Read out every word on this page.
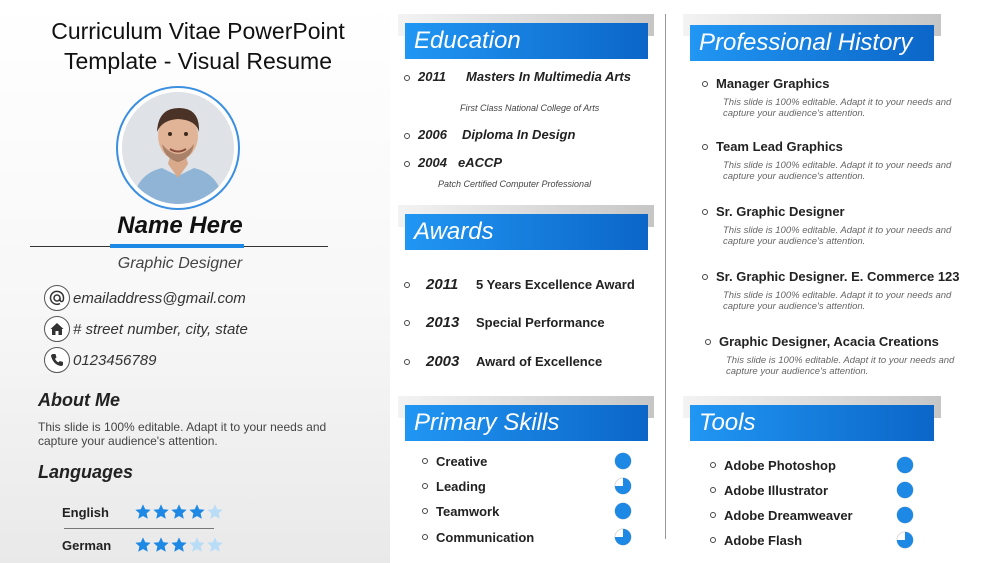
Curriculum Vitae PowerPoint Template - Visual Resume
Name Here
Graphic Designer
emailaddress@gmail.com
# street number, city, state
0123456789
About Me
This slide is 100% editable. Adapt it to your needs and capture your audience's attention.
Languages
English
German
Education
2011	Masters In Multimedia Arts
First Class National College of Arts
2006	Diploma In Design
2004 eACCP
Patch Certified Computer Professional
Awards
2011	5 Years Excellence Award
2013	Special Performance
2003	Award of Excellence
Primary Skills
Creative
Leading
Teamwork
Communication
Professional History
Manager Graphics
This slide is 100% editable. Adapt it to your needs and capture your audience's attention.
Team Lead Graphics
This slide is 100% editable. Adapt it to your needs and capture your audience's attention.
Sr. Graphic Designer
This slide is 100% editable. Adapt it to your needs and capture your audience's attention.
Sr. Graphic Designer. E. Commerce 123
This slide is 100% editable. Adapt it to your needs and capture your audience's attention.
Graphic Designer, Acacia Creations
This slide is 100% editable. Adapt it to your needs and capture your audience's attention.
Tools
Adobe Photoshop
Adobe Illustrator
Adobe Dreamweaver
Adobe Flash
